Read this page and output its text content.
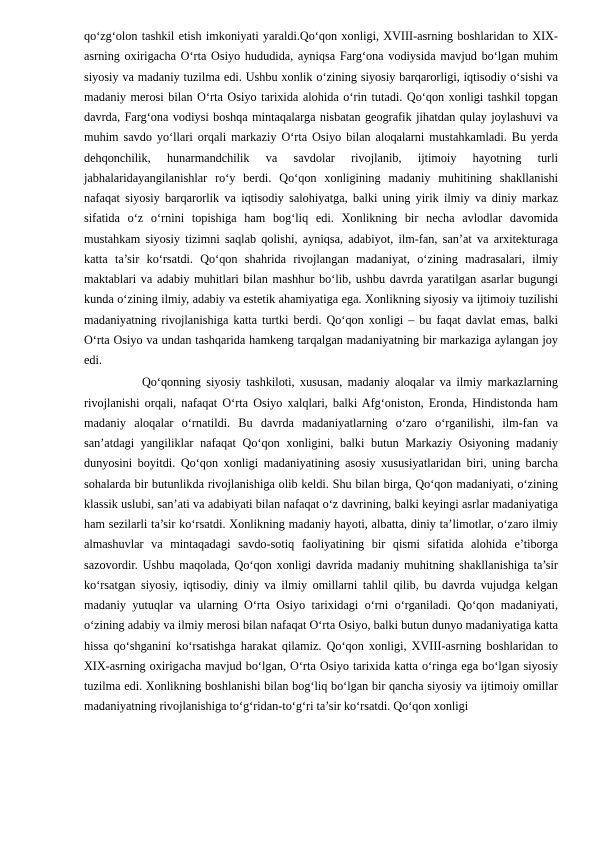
qo‘zg‘olon tashkil etish imkoniyati yaraldi.Qo‘qon xonligi, XVIII-asrning boshlaridan to XIX-asrning oxirigacha O‘rta Osiyo hududida, ayniqsa Farg‘ona vodiysida mavjud bo‘lgan muhim siyosiy va madaniy tuzilma edi. Ushbu xonlik o‘zining siyosiy barqarorligi, iqtisodiy o‘sishi va madaniy merosi bilan O‘rta Osiyo tarixida alohida o‘rin tutadi. Qo‘qon xonligi tashkil topgan davrda, Farg‘ona vodiysi boshqa mintaqalarga nisbatan geografik jihatdan qulay joylashuvi va muhim savdo yo‘llari orqali markaziy O‘rta Osiyo bilan aloqalarni mustahkamladi. Bu yerda dehqonchilik, hunarmandchilik va savdolar rivojlanib, ijtimoiy hayotning turli jabhalaridayangilanishlar ro‘y berdi. Qo‘qon xonligining madaniy muhitining shakllanishi nafaqat siyosiy barqarorlik va iqtisodiy salohiyatga, balki uning yirik ilmiy va diniy markaz sifatida o‘z o‘rnini topishiga ham bog‘liq edi. Xonlikning bir necha avlodlar davomida mustahkam siyosiy tizimni saqlab qolishi, ayniqsa, adabiyot, ilm-fan, san’at va arxitekturaga katta ta’sir ko‘rsatdi. Qo‘qon shahrida rivojlangan madaniyat, o‘zining madrasalari, ilmiy maktablari va adabiy muhitlari bilan mashhur bo‘lib, ushbu davrda yaratilgan asarlar bugungi kunda o‘zining ilmiy, adabiy va estetik ahamiyatiga ega. Xonlikning siyosiy va ijtimoiy tuzilishi madaniyatning rivojlanishiga katta turtki berdi. Qo‘qon xonligi – bu faqat davlat emas, balki O‘rta Osiyo va undan tashqarida hamkeng tarqalgan madaniyatning bir markaziga aylangan joy edi.

Qo‘qonning siyosiy tashkiloti, xususan, madaniy aloqalar va ilmiy markazlarning rivojlanishi orqali, nafaqat O‘rta Osiyo xalqlari, balki Afg‘oniston, Eronda, Hindistonda ham madaniy aloqalar o‘rnatildi. Bu davrda madaniyatlarning o‘zaro o‘rganilishi, ilm-fan va san’atdagi yangiliklar nafaqat Qo‘qon xonligini, balki butun Markaziy Osiyoning madaniy dunyosini boyitdi. Qo‘qon xonligi madaniyatining asosiy xususiyatlaridan biri, uning barcha sohalarda bir butunlikda rivojlanishiga olib keldi. Shu bilan birga, Qo‘qon madaniyati, o‘zining klassik uslubi, san’ati va adabiyati bilan nafaqat o‘z davrining, balki keyingi asrlar madaniyatiga ham sezilarli ta’sir ko‘rsatdi. Xonlikning madaniy hayoti, albatta, diniy ta’limotlar, o‘zaro ilmiy almashuvlar va mintaqadagi savdo-sotiq faoliyatining bir qismi sifatida alohida e’tiborga sazovordir. Ushbu maqolada, Qo‘qon xonligi davrida madaniy muhitning shakllanishiga ta’sir ko‘rsatgan siyosiy, iqtisodiy, diniy va ilmiy omillarni tahlil qilib, bu davrda vujudga kelgan madaniy yutuqlar va ularning O‘rta Osiyo tarixidagi o‘rni o‘rganiladi. Qo‘qon madaniyati, o‘zining adabiy va ilmiy merosi bilan nafaqat O‘rta Osiyo, balki butun dunyo madaniyatiga katta hissa qo‘shganini ko‘rsatishga harakat qilamiz. Qo‘qon xonligi, XVIII-asrning boshlaridan to XIX-asrning oxirigacha mavjud bo‘lgan, O‘rta Osiyo tarixida katta o‘ringa ega bo‘lgan siyosiy tuzilma edi. Xonlikning boshlanishi bilan bog‘liq bo‘lgan bir qancha siyosiy va ijtimoiy omillar madaniyatning rivojlanishiga to‘g‘ridan-to‘g‘ri ta’sir ko‘rsatdi. Qo‘qon xonligi
